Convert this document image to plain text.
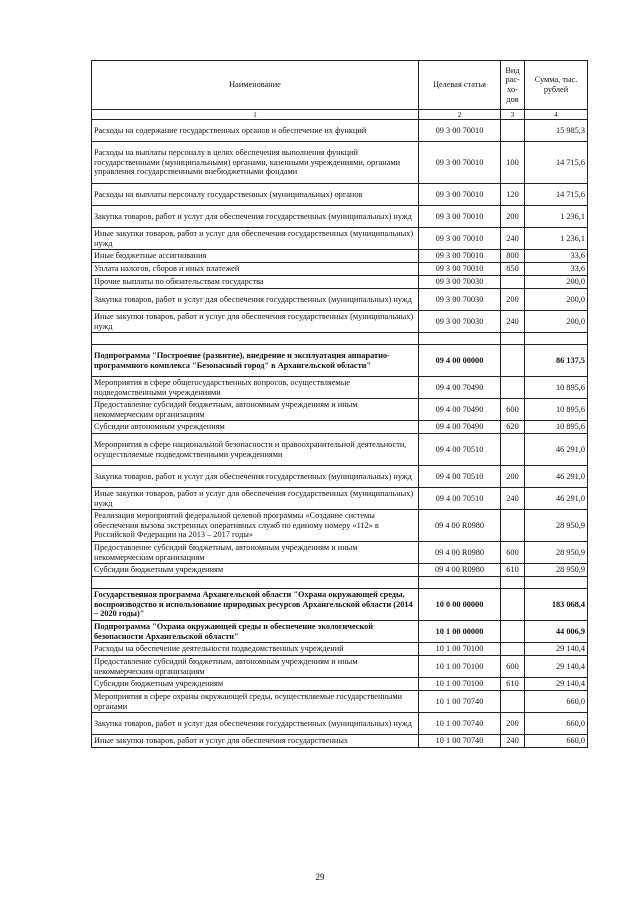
Наименование	Целевая статья	Вид рас-хо-дов	Сумма, тыс. рублей
1	2	3	4
Расходы на содержание государственных органов и обеспечение их функций	09 3 00 70010		15 985,3
Расходы на выплаты персоналу в целях обеспечения выполнения функций государственными (муниципальными) органами, казенными учреждениями, органами управления государственными внебюджетными фондами	09 3 00 70010	100	14 715,6
Расходы на выплаты персоналу государственных (муниципальных) органов	09 3 00 70010	120	14 715,6
Закупка товаров, работ и услуг для обеспечения государственных (муниципальных) нужд	09 3 00 70010	200	1 236,1
Иные закупки товаров, работ и услуг для обеспечения государственных (муниципальных) нужд	09 3 00 70010	240	1 236,1
Иные бюджетные ассигнования	09 3 00 70010	800	33,6
Уплата налогов, сборов и иных платежей	09 3 00 70010	850	33,6
Прочие выплаты по обязательствам государства	09 3 00 70030		200,0
Закупка товаров, работ и услуг для обеспечения государственных (муниципальных) нужд	09 3 00 70030	200	200,0
Иные закупки товаров, работ и услуг для обеспечения государственных (муниципальных) нужд	09 3 00 70030	240	200,0

Подпрограмма "Построение (развитие), внедрение и эксплуатация аппаратно-программного комплекса "Безопасный город" в Архангельской области"	09 4 00 00000		86 137,5
Мероприятия в сфере общегосударственных вопросов, осуществляемые подведомственными учреждениями	09 4 00 70490		10 895,6
Предоставление субсидий бюджетным, автономным учреждениям и иным некоммерческим организациям	09 4 00 70490	600	10 895,6
Субсидии автономным учреждениям	09 4 00 70490	620	10 895,6
Мероприятия в сфере национальной безопасности и правоохранительной деятельности, осуществляемые подведомственными учреждениями	09 4 00 70510		46 291,0
Закупка товаров, работ и услуг для обеспечения государственных (муниципальных) нужд	09 4 00 70510	200	46 291,0
Иные закупки товаров, работ и услуг для обеспечения государственных (муниципальных) нужд	09 4 00 70510	240	46 291,0
Реализация мероприятий федеральной целевой программы «Создание системы обеспечения вызова экстренных оперативных служб по единому номеру «112» в Российской Федерации на 2013 – 2017 годы»	09 4 00 R0980		28 950,9
Предоставление субсидий бюджетным, автономным учреждениям и иным некоммерческим организациям	09 4 00 R0980	600	28 950,9
Субсидии бюджетным учреждениям	09 4 00 R0980	610	28 950,9

Государственная программа Архангельской области "Охрана окружающей среды, воспроизводство и использование природных ресурсов Архангельской области (2014 – 2020 годы)"	10 0 00 00000		183 068,4
Подпрограмма "Охрана окружающей среды и обеспечение экологической безопасности Архангельской области"	10 1 00 00000		44 006,9
Расходы на обеспечение деятельности подведомственных учреждений	10 1 00 70100		29 140,4
Предоставление субсидий бюджетным, автономным учреждениям и иным некоммерческим организациям	10 1 00 70100	600	29 140,4
Субсидии бюджетным учреждениям	10 1 00 70100	610	29 140,4
Мероприятия в сфере охраны окружающей среды, осуществляемые государственными органами	10 1 00 70740		660,0
Закупка товаров, работ и услуг для обеспечения государственных (муниципальных) нужд	10 1 00 70740	200	660,0
Иные закупки товаров, работ и услуг для обеспечения государственных	10 1 00 70740	240	660,0
29
